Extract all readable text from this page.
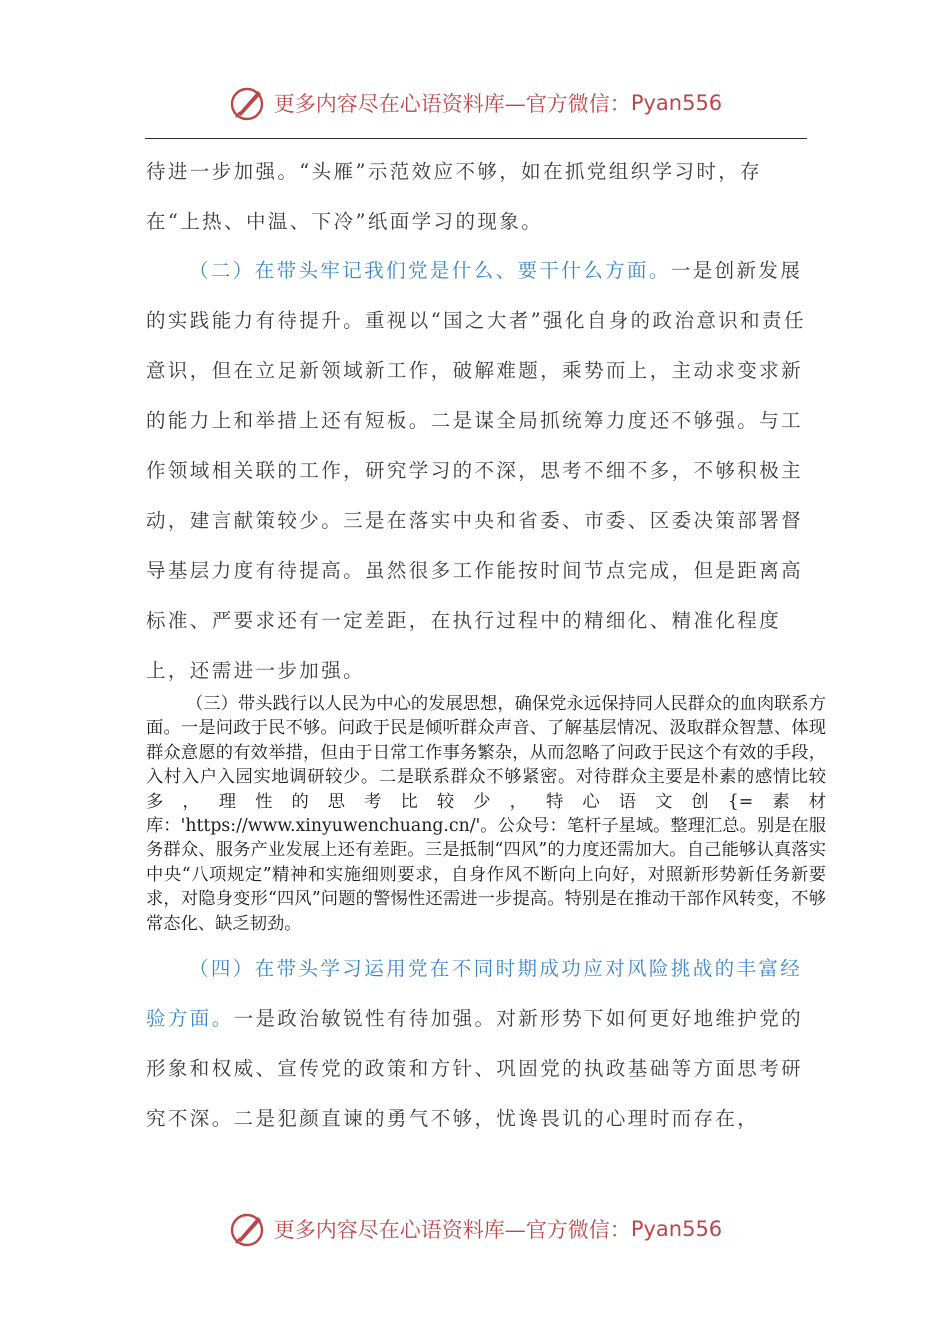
更多内容尽在心语资料库— 官方微信： Pyan556

待进一步加强。“头雁”示范效应不够，如在抓党组织学习时，存在“上热、中温、下冷”纸面学习的现象。

（二）在带头牢记我们党是什么、要干什么方面。一是创新发展的实践能力有待提升。重视以“国之大者”强化自身的政治意识和责任意识，但在立足新领域新工作，破解难题，乘势而上，主动求变求新的能力上和举措上还有短板。二是谋全局抓统筹力度还不够强。与工作领域相关联的工作，研究学习的不深，思考不细不多，不够积极主动，建言献策较少。三是在落实中央和省委、市委、区委决策部署督导基层力度有待提高。虽然很多工作能按时间节点完成，但是距离高标准、严要求还有一定差距，在执行过程中的精细化、精准化程度上，还需进一步加强。

（三）带头践行以人民为中心的发展思想，确保党永远保持同人民群众的血肉联系方面。一是问政于民不够。问政于民是倾听群众声音、了解基层情况、汲取群众智慧、体现群众意愿的有效举措，但由于日常工作事务繁杂，从而忽略了问政于民这个有效的手段，入村入户入园实地调研较少。二是联系群众不够紧密。对待群众主要是朴素的感情比较多，理性的思考比较少，特心语文创{=素材库：'https://www.xinyuwenchuang.cn/'。公众号：笔杆子星域。整理汇总。别是在服务群众、服务产业发展上还有差距。三是抵制“四风”的力度还需加大。自己能够认真落实中央“八项规定”精神和实施细则要求，自身作风不断向上向好，对照新形势新任务新要求，对隐身变形“四风”问题的警惕性还需进一步提高。特别是在推动干部作风转变，不够常态化、缺乏韧劲。

（四）在带头学习运用党在不同时期成功应对风险挑战的丰富经验方面。一是政治敏锐性有待加强。对新形势下如何更好地维护党的形象和权威、宣传党的政策和方针、巩固党的执政基础等方面思考研究不深。二是犯颜直谏的勇气不够，忧谗畏讥的心理时而存在，

更多内容尽在心语资料库— 官方微信： Pyan556
